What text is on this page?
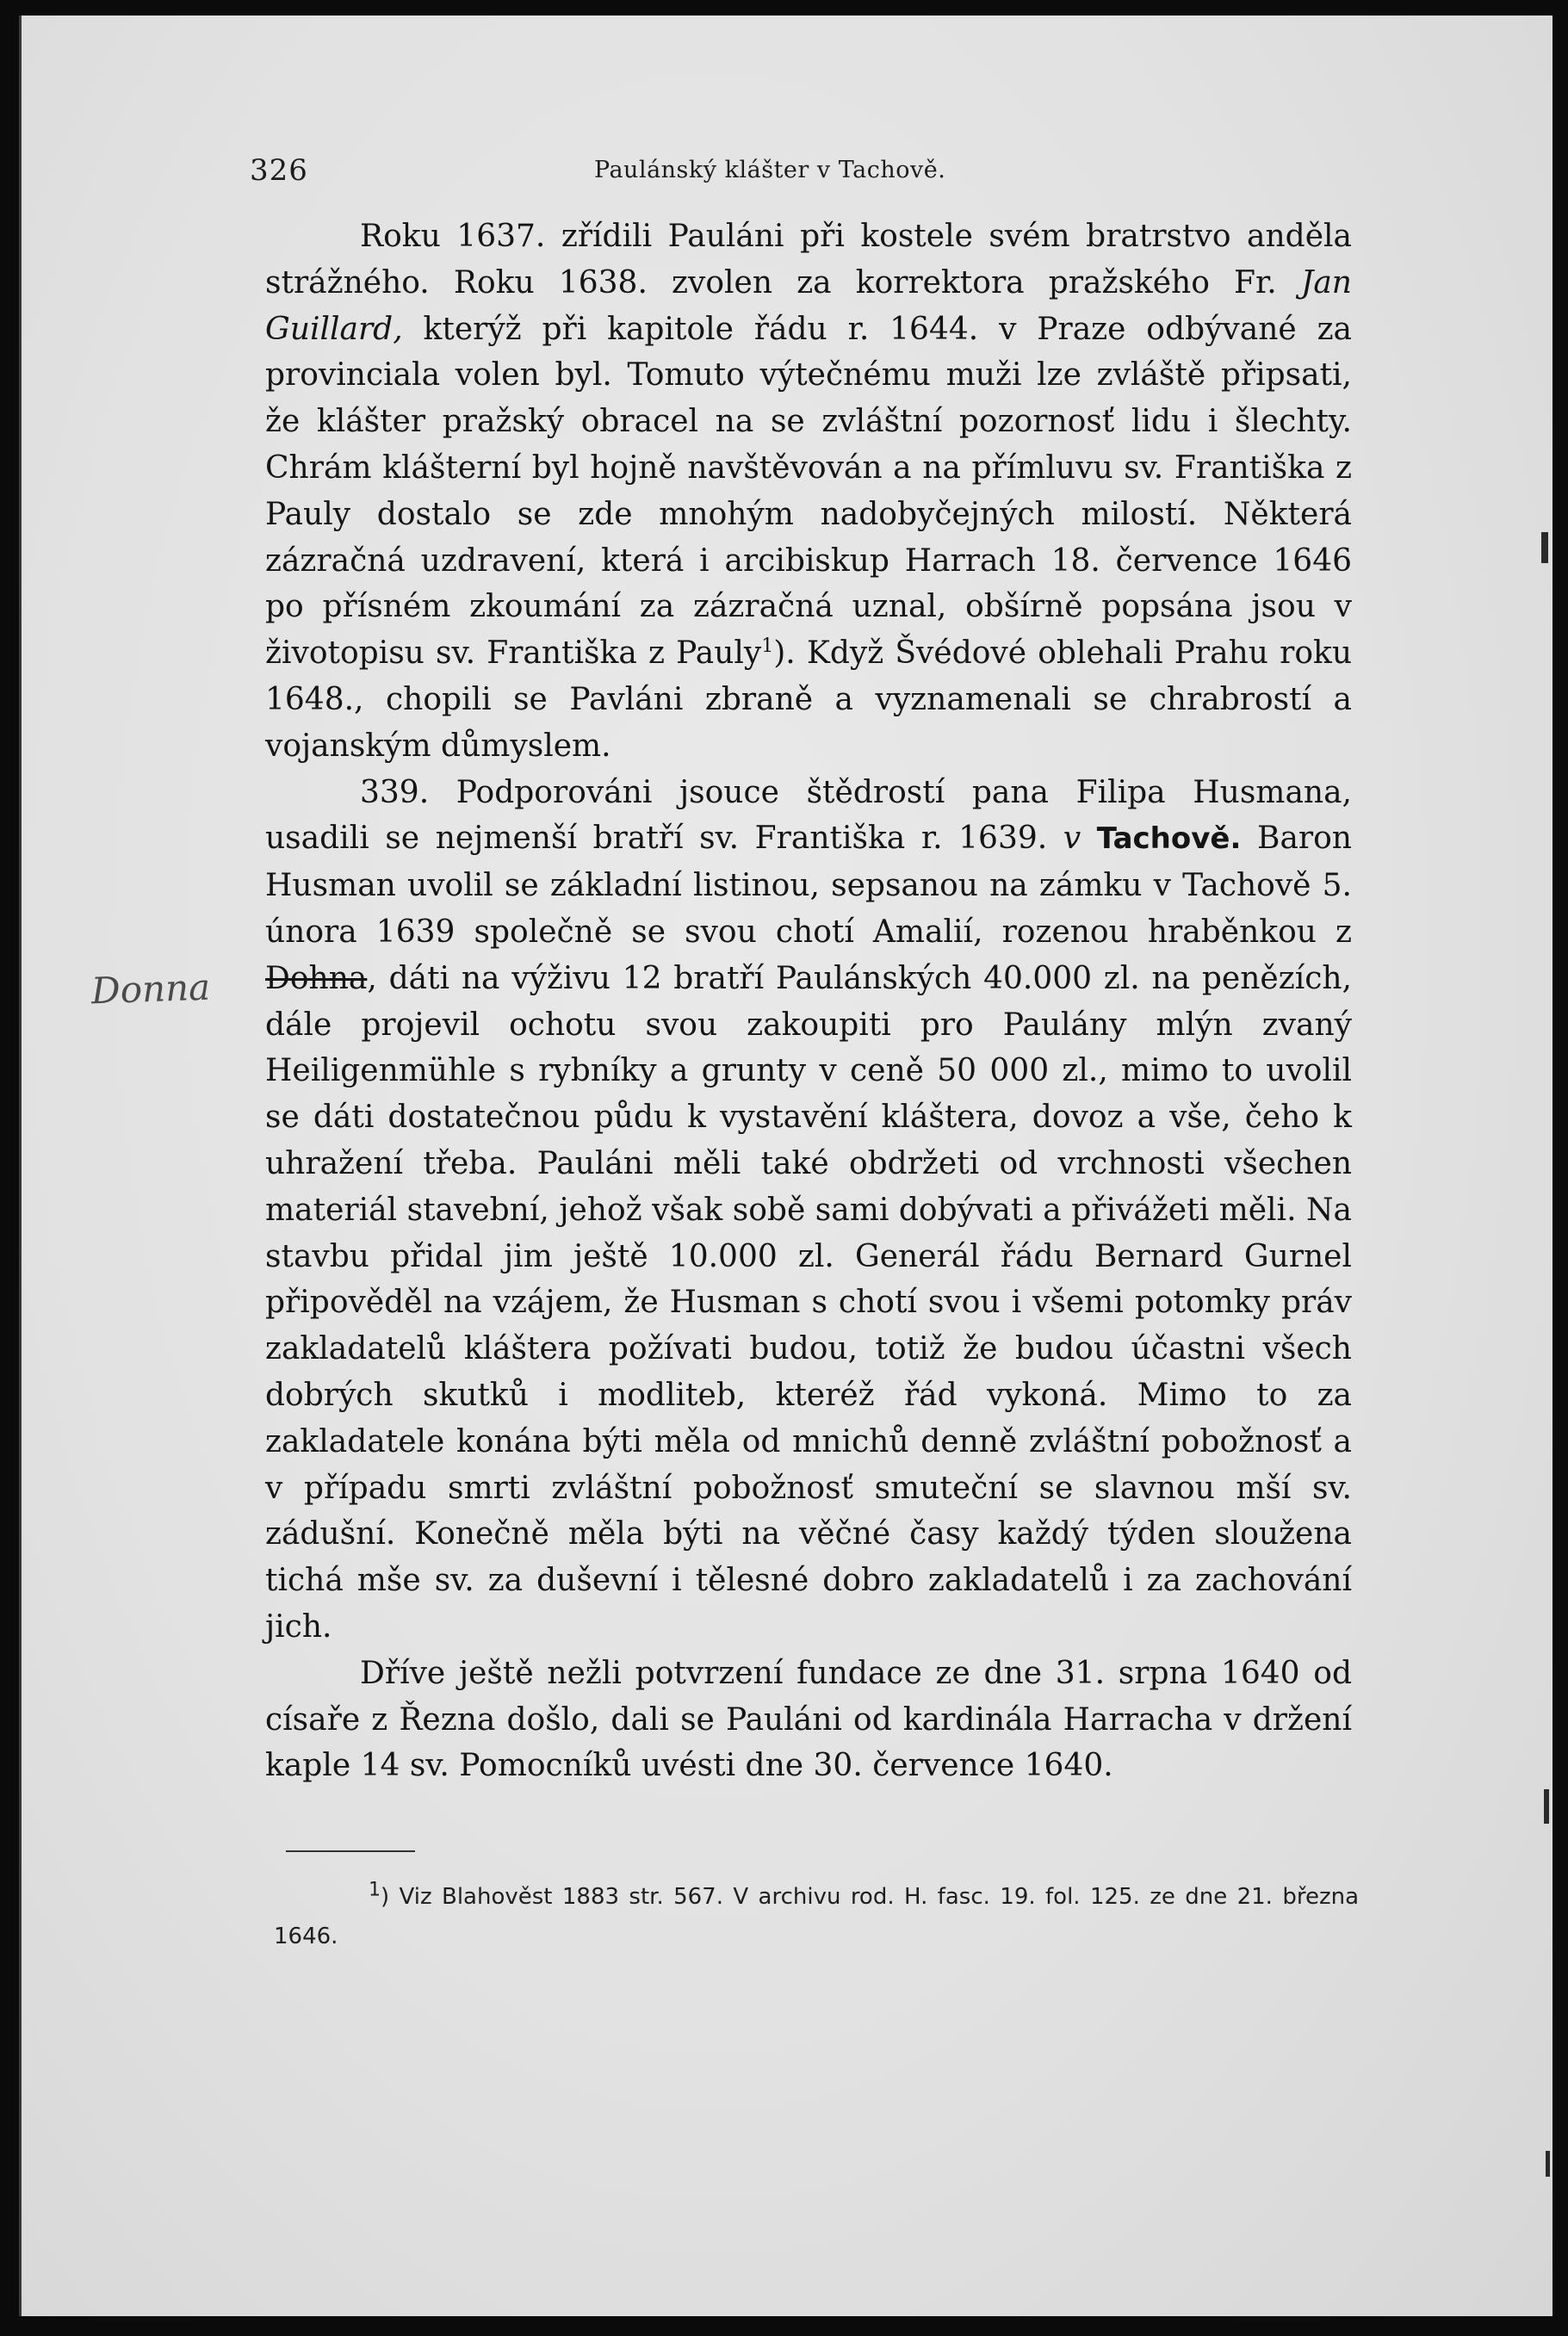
326	Paulánský klášter v Tachově.

Roku 1637. zřídili Pauláni při kostele svém bratrstvo anděla strážného. Roku 1638. zvolen za korrektora pražského Fr. Jan Guillard, kterýž při kapitole řádu r. 1644. v Praze odbývané za provinciala volen byl. Tomuto výtečnému muži lze zvláště připsati, že klášter pražský obracel na se zvláštní pozornosť lidu i šlechty. Chrám klášterní byl hojně navštěvován a na přímluvu sv. Františka z Pauly dostalo se zde mnohým nadobyčejných milostí. Některá zázračná uzdravení, která i arcibiskup Harrach 18. července 1646 po přísném zkoumání za zázračná uznal, obšírně popsána jsou v životopisu sv. Františka z Pauly$^1$). Když Švédové oblehali Prahu roku 1648., chopili se Pavláni zbraně a vyznamenali se chrabrostí a vojanským důmyslem.

339. Podporováni jsouce štědrostí pana Filipa Husmana, usadili se nejmenší bratří sv. Františka r. 1639. v Tachově. Baron Husman uvolil se základní listinou, sepsanou na zámku v Tachově 5. února 1639 společně se svou chotí Amalií, rozenou hraběnkou z Dohna, dáti na výživu 12 bratří Paulánských 40.000 zl. na penězích, dále projevil ochotu svou zakoupiti pro Paulány mlýn zvaný Heiligenmühle s rybníky a grunty v ceně 50 000 zl., mimo to uvolil se dáti dostatečnou půdu k vystavění kláštera, dovoz a vše, čeho k uhražení třeba. Pauláni měli také obdržeti od vrchnosti všechen materiál stavební, jehož však sobě sami dobývati a přivážeti měli. Na stavbu přidal jim ještě 10.000 zl. Generál řádu Bernard Gurnel připověděl na vzájem, že Husman s chotí svou i všemi potomky práv zakladatelů kláštera požívati budou, totiž že budou účastni všech dobrých skutků i modliteb, kteréž řád vykoná. Mimo to za zakladatele konána býti měla od mnichů denně zvláštní pobožnosť a v případu smrti zvláštní pobožnosť smuteční se slavnou mší sv. zádušní. Konečně měla býti na věčné časy každý týden sloužena tichá mše sv. za duševní i tělesné dobro zakladatelů i za zachování jich.

Dříve ještě nežli potvrzení fundace ze dne 31. srpna 1640 od císaře z Řezna došlo, dali se Pauláni od kardinála Harracha v držení kaple 14 sv. Pomocníků uvésti dne 30. července 1640.

Donna

$^1$) Viz Blahověst 1883 str. 567. V archivu rod. H. fasc. 19. fol. 125. ze dne 21. března 1646.
